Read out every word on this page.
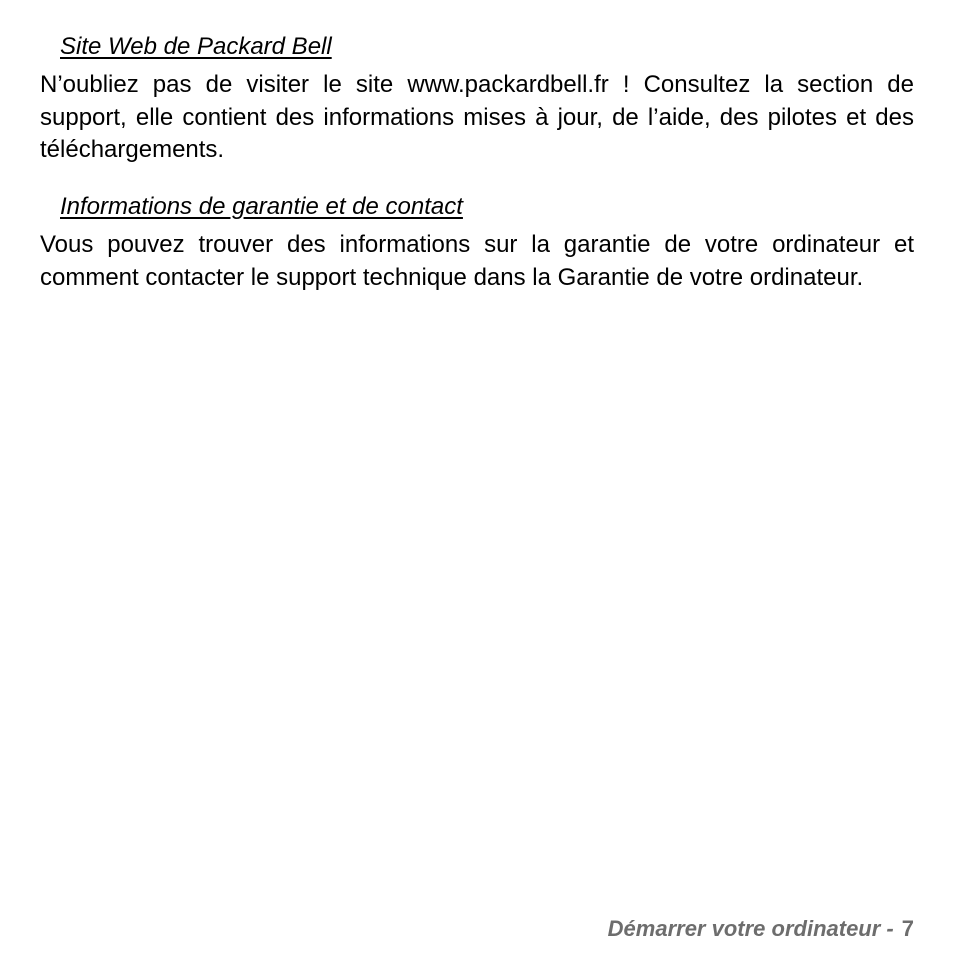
Site Web de Packard Bell

N’oubliez pas de visiter le site www.packardbell.fr ! Consultez la section de support, elle contient des informations mises à jour, de l’aide, des pilotes et des téléchargements.

Informations de garantie et de contact

Vous pouvez trouver des informations sur la garantie de votre ordinateur et comment contacter le support technique dans la Garantie de votre ordinateur.

Démarrer votre ordinateur - 7
